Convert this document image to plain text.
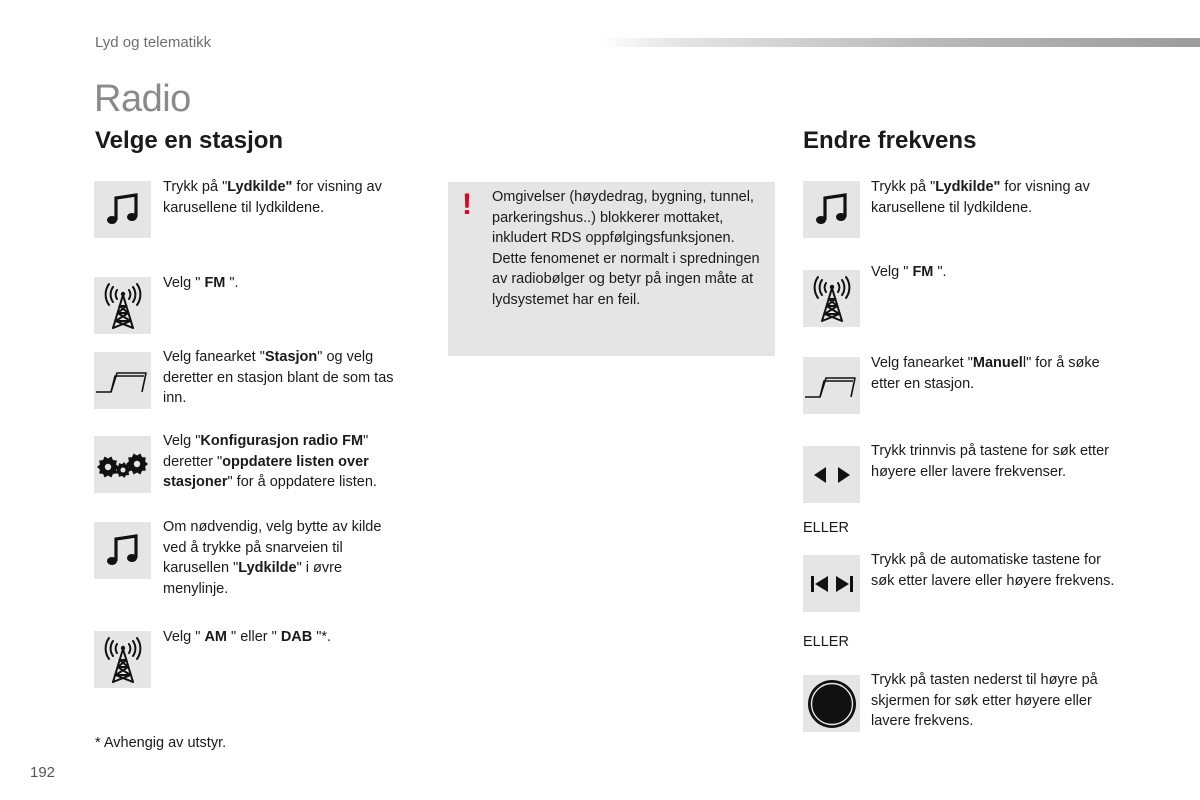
Lyd og telematikk
Radio
Velge en stasjon
Trykk på "Lydkilde" for visning av karusellene til lydkildene.
Velg " FM ".
Velg fanearket "Stasjon" og velg deretter en stasjon blant de som tas inn.
Velg "Konfigurasjon radio FM" deretter "oppdatere listen over stasjoner" for å oppdatere listen.
Om nødvendig, velg bytte av kilde ved å trykke på snarveien til karusellen "Lydkilde" i øvre menylinje.
Velg " AM " eller " DAB "*.
* Avhengig av utstyr.
! Omgivelser (høydedrag, bygning, tunnel, parkeringshus..) blokkerer mottaket, inkludert RDS oppfølgingsfunksjonen. Dette fenomenet er normalt i spredningen av radiobølger og betyr på ingen måte at lydsystemet har en feil.
Endre frekvens
Trykk på "Lydkilde" for visning av karusellene til lydkildene.
Velg " FM ".
Velg fanearket "Manuell" for å søke etter en stasjon.
Trykk trinnvis på tastene for søk etter høyere eller lavere frekvenser.
ELLER
Trykk på de automatiske tastene for søk etter lavere eller høyere frekvens.
ELLER
Trykk på tasten nederst til høyre på skjermen for søk etter høyere eller lavere frekvens.
192
